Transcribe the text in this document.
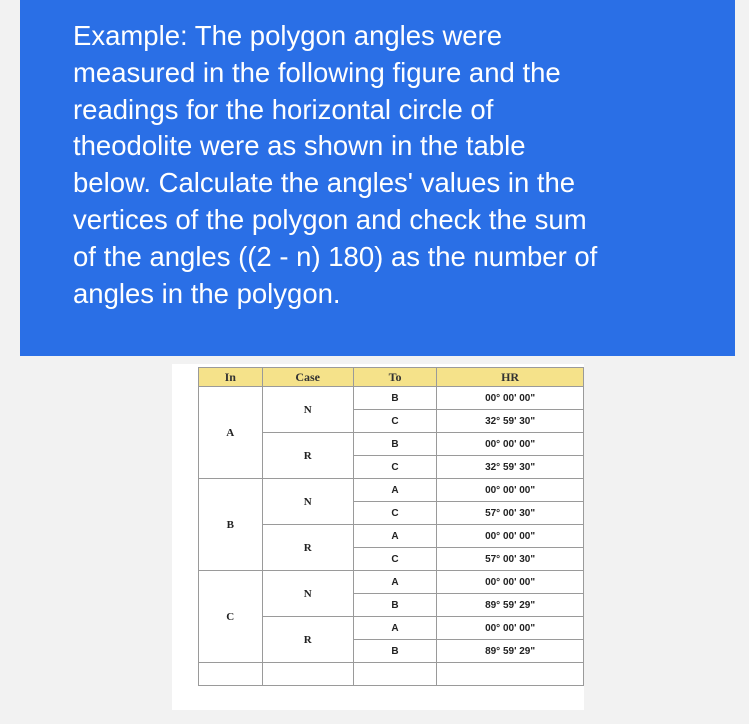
Example: The polygon angles were
measured in the following figure and the
readings for the horizontal circle of
theodolite were as shown in the table
below. Calculate the angles' values in the
vertices of the polygon and check the sum
of the angles ((2 - n) 180) as the number of
angles in the polygon.
In	Case	To	HR
A	N	B	00° 00' 00"
		C	32° 59' 30"
	R	B	00° 00' 00"
		C	32° 59' 30"
B	N	A	00° 00' 00"
		C	57° 00' 30"
	R	A	00° 00' 00"
		C	57° 00' 30"
C	N	A	00° 00' 00"
		B	89° 59' 29"
	R	A	00° 00' 00"
		B	89° 59' 29"
